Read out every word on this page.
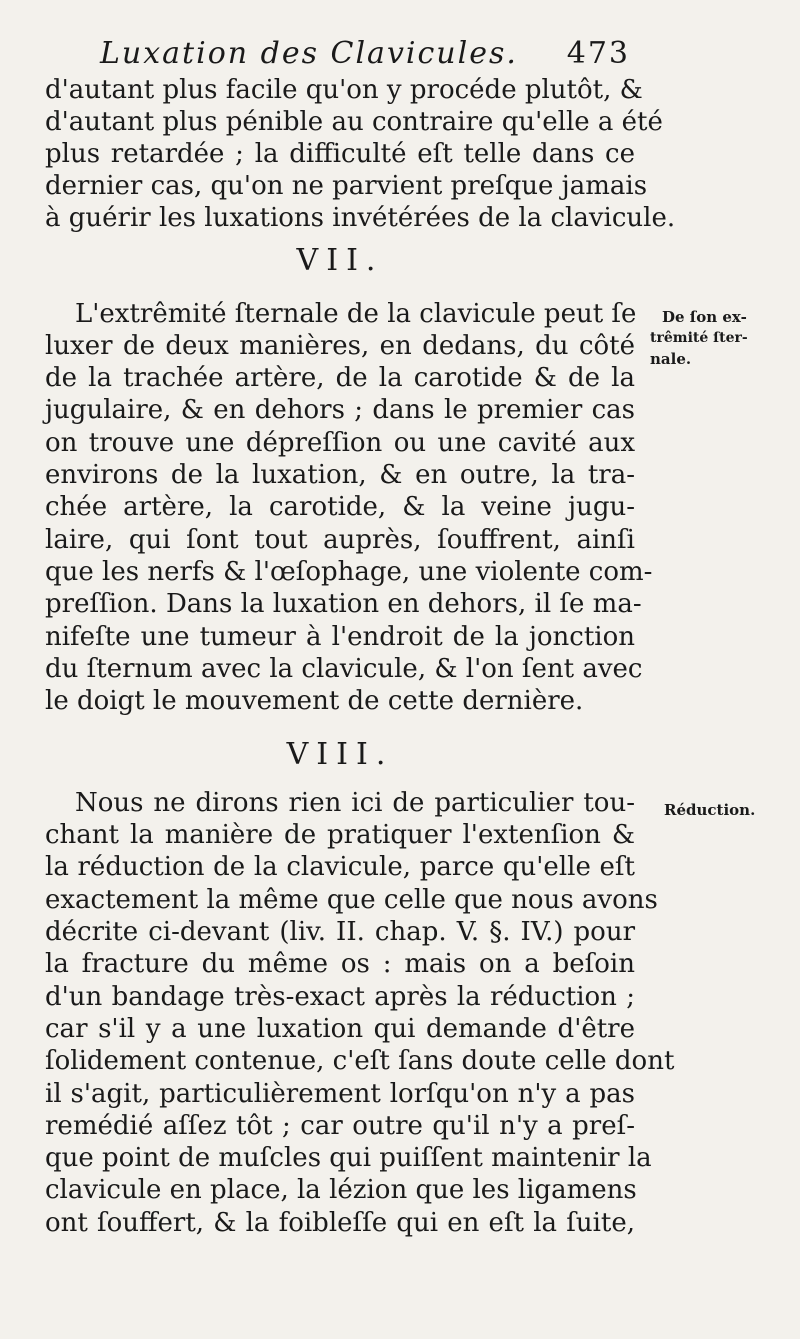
Luxation des Clavicules. 473
d'autant plus facile qu'on y procéde plutôt, &
d'autant plus pénible au contraire qu'elle a été
plus retardée ; la difficulté eſt telle dans ce
dernier cas, qu'on ne parvient preſque jamais
à guérir les luxations invétérées de la clavicule.
VII.
L'extrêmité ſternale de la clavicule peut ſe
luxer de deux manières, en dedans, du côté
de la trachée artère, de la carotide & de la
jugulaire, & en dehors ; dans le premier cas
on trouve une dépreſſion ou une cavité aux
environs de la luxation, & en outre, la tra-
chée artère, la carotide, & la veine jugu-
laire, qui ſont tout auprès, ſouffrent, ainſi
que les nerfs & l'œſophage, une violente com-
preſſion. Dans la luxation en dehors, il ſe ma-
nifeſte une tumeur à l'endroit de la jonction
du ſternum avec la clavicule, & l'on ſent avec
le doigt le mouvement de cette dernière.
VIII.
Nous ne dirons rien ici de particulier tou-
chant la manière de pratiquer l'extenſion &
la réduction de la clavicule, parce qu'elle eſt
exactement la même que celle que nous avons
décrite ci-devant (liv. II. chap. V. §. IV.) pour
la fracture du même os : mais on a beſoin
d'un bandage très-exact après la réduction ;
car s'il y a une luxation qui demande d'être
ſolidement contenue, c'eſt ſans doute celle dont
il s'agit, particulièrement lorſqu'on n'y a pas
remédié aſſez tôt ; car outre qu'il n'y a preſ-
que point de muſcles qui puiſſent maintenir la
clavicule en place, la lézion que les ligamens
ont ſouffert, & la foibleſſe qui en eſt la ſuite,
De ſon ex-
trêmité ſter-
nale.
Réduction.
